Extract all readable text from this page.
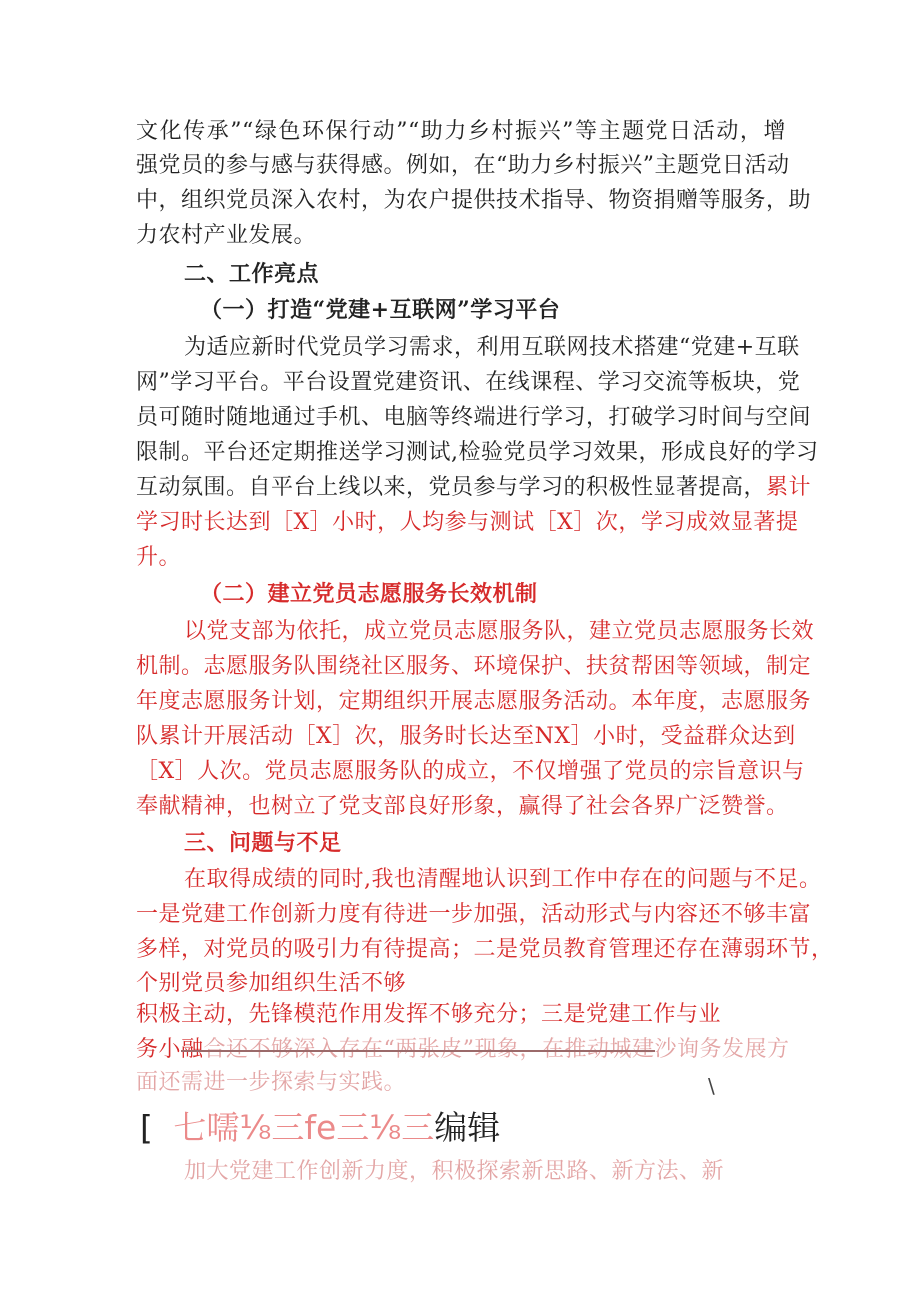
文化传承”“绿色环保行动”“助力乡村振兴”等主题党日活动，增
强党员的参与感与获得感。例如，在“助力乡村振兴”主题党日活动
中，组织党员深入农村，为农户提供技术指导、物资捐赠等服务，助
力农村产业发展。
二、工作亮点
（一）打造“党建+互联网”学习平台
为适应新时代党员学习需求，利用互联网技术搭建“党建+互联
网”学习平台。平台设置党建资讯、在线课程、学习交流等板块，党
员可随时随地通过手机、电脑等终端进行学习，打破学习时间与空间
限制。平台还定期推送学习测试,检验党员学习效果，形成良好的学习
互动氛围。自平台上线以来，党员参与学习的积极性显著提高，累计
学习时长达到［X］小时，人均参与测试［X］次，学习成效显著提
升。
（二）建立党员志愿服务长效机制
以党支部为依托，成立党员志愿服务队，建立党员志愿服务长效
机制。志愿服务队围绕社区服务、环境保护、扶贫帮困等领域，制定
年度志愿服务计划，定期组织开展志愿服务活动。本年度，志愿服务
队累计开展活动［X］次，服务时长达至NX］小时，受益群众达到
［X］人次。党员志愿服务队的成立，不仅增强了党员的宗旨意识与
奉献精神，也树立了党支部良好形象，赢得了社会各界广泛赞誉。
三、问题与不足
在取得成绩的同时,我也清醒地认识到工作中存在的问题与不足。
一是党建工作创新力度有待进一步加强，活动形式与内容还不够丰富
多样，对党员的吸引力有待提高；二是党员教育管理还存在薄弱环节，
个别党员参加组织生活不够
积极主动，先锋模范作用发挥不够充分；三是党建工作与业
务小融合还不够深入存在“两张皮”现象，在推动城建沙询务发展方
面还需进一步探索与实践。	\
[ 七嚅⅛三fe三⅛三编辑
加大党建工作创新力度，积极探索新思路、新方法、新
